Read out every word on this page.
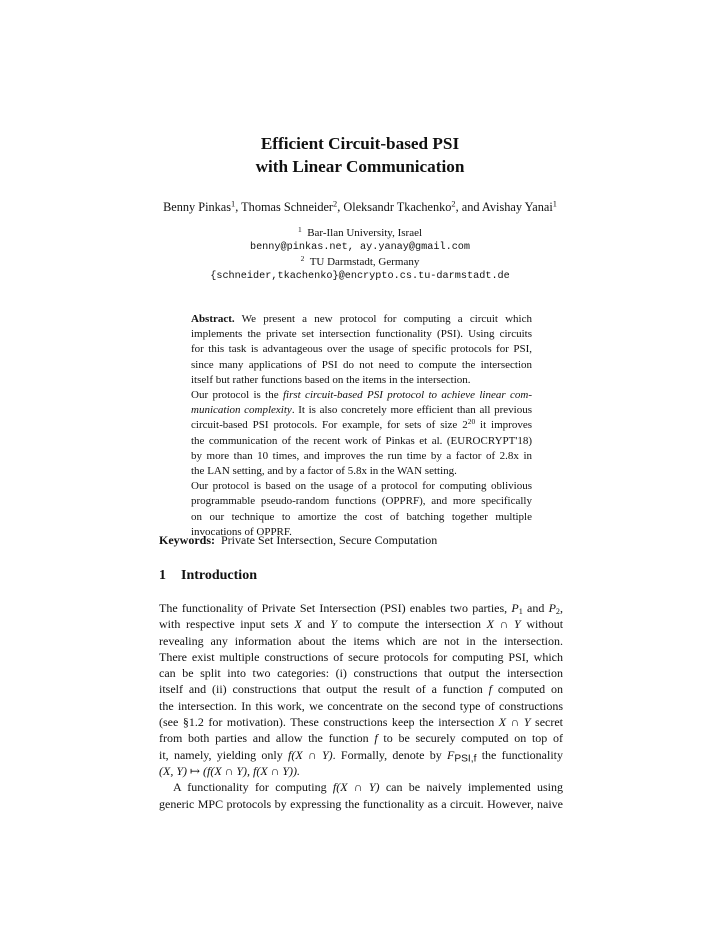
Efficient Circuit-based PSI
with Linear Communication
Benny Pinkas$^1$, Thomas Schneider$^2$, Oleksandr Tkachenko$^2$, and Avishay Yanai$^1$
$^1$ Bar-Ilan University, Israel
benny@pinkas.net, ay.yanay@gmail.com
$^2$ TU Darmstadt, Germany
{schneider,tkachenko}@encrypto.cs.tu-darmstadt.de
Abstract. We present a new protocol for computing a circuit which
implements the private set intersection functionality (PSI). Using circuits
for this task is advantageous over the usage of specific protocols for PSI,
since many applications of PSI do not need to compute the intersection
itself but rather functions based on the items in the intersection.
Our protocol is the first circuit-based PSI protocol to achieve linear com-
munication complexity. It is also concretely more efficient than all previous
circuit-based PSI protocols. For example, for sets of size $2^{20}$ it improves
the communication of the recent work of Pinkas et al. (EUROCRYPT'18)
by more than 10 times, and improves the run time by a factor of 2.8x in
the LAN setting, and by a factor of 5.8x in the WAN setting.
Our protocol is based on the usage of a protocol for computing oblivious
programmable pseudo-random functions (OPPRF), and more specifically
on our technique to amortize the cost of batching together multiple
invocations of OPPRF.
Keywords: Private Set Intersection, Secure Computation
1 Introduction
The functionality of Private Set Intersection (PSI) enables two parties, $P_1$ and $P_2$,
with respective input sets X and Y to compute the intersection X ∩ Y without
revealing any information about the items which are not in the intersection.
There exist multiple constructions of secure protocols for computing PSI, which
can be split into two categories: (i) constructions that output the intersection
itself and (ii) constructions that output the result of a function f computed on
the intersection. In this work, we concentrate on the second type of constructions
(see §1.2 for motivation). These constructions keep the intersection X ∩ Y secret
from both parties and allow the function f to be securely computed on top of
it, namely, yielding only f(X ∩ Y). Formally, denote by $F_{PSI,f}$ the functionality
(X, Y) ↦ (f(X ∩ Y), f(X ∩ Y)).
A functionality for computing f(X ∩ Y) can be naively implemented using
generic MPC protocols by expressing the functionality as a circuit. However, naive
